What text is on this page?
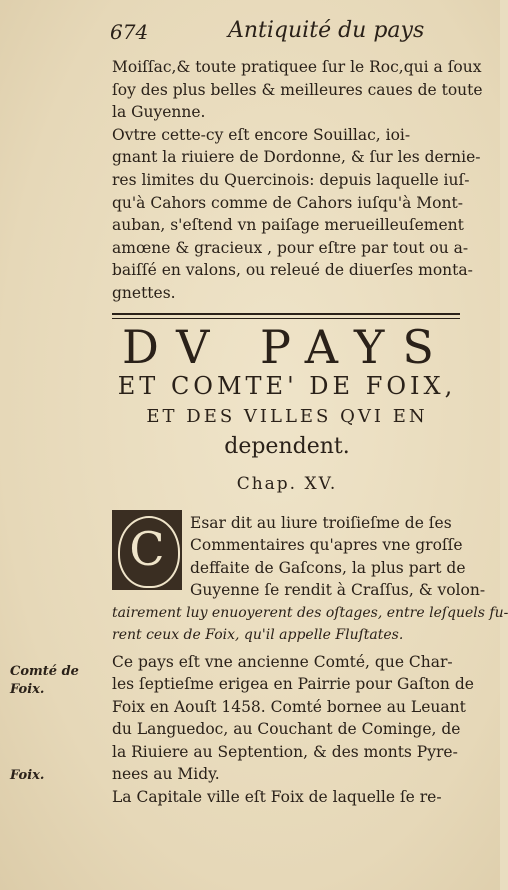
674	Antiquité du pays
Moiſſac,& toute pratiquee ſur le Roc,qui a ſoux
ſoy des plus belles & meilleures caues de toute
la Guyenne.
Ovtre cette-cy eſt encore Souillac, ioi-
gnant la riuiere de Dordonne, & ſur les dernie-
res limites du Quercinois: depuis laquelle iuſ-
qu'à Cahors comme de Cahors iuſqu'à Mont-
auban, s'eſtend vn paiſage merueilleuſement
amœne & gracieux , pour eſtre par tout ou a-
baiſſé en valons, ou releué de diuerſes monta-
gnettes.
DV PAYS
ET COMTE' DE FOIX,
ET DES VILLES QVI EN
dependent.
Chap. XV.
C	Esar dit au liure troiſieſme de ſes
Commentaires qu'apres vne groſſe
deffaite de Gaſcons, la plus part de
Guyenne ſe rendit à Craſſus, & volon-
tairement luy enuoyerent des oſtages, entre leſquels fu-
rent ceux de Foix, qu'il appelle Fluſtates.
Ce pays eſt vne ancienne Comté, que Char-
les ſeptieſme erigea en Pairrie pour Gaſton de
Foix en Aouſt 1458. Comté bornee au Leuant
du Languedoc, au Couchant de Cominge, de
la Riuiere au Septention, & des monts Pyre-
nees au Midy.
La Capitale ville eſt Foix de laquelle ſe re-
Comté de
Foix.
Foix.
